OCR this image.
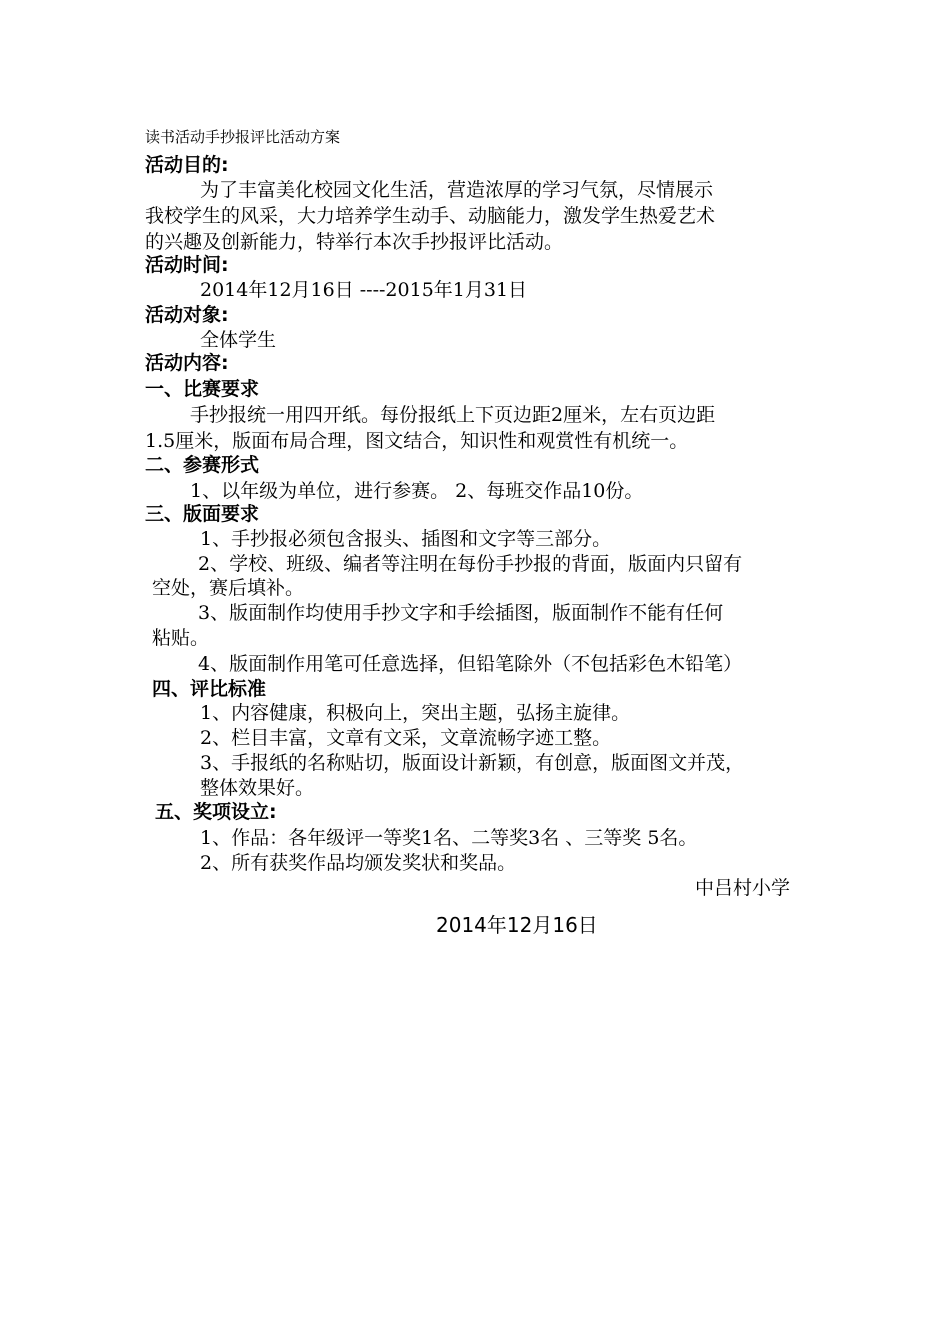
读书活动手抄报评比活动方案
活动目的:
为了丰富美化校园文化生活，营造浓厚的学习气氛，尽情展示
我校学生的风采，大力培养学生动手、动脑能力，激发学生热爱艺术
的兴趣及创新能力，特举行本次手抄报评比活动。
活动时间:
2014年12月16日 ----2015年1月31日
活动对象:
全体学生
活动内容:
一、比赛要求
手抄报统一用四开纸。每份报纸上下页边距2厘米，左右页边距
1.5厘米，版面布局合理，图文结合，知识性和观赏性有机统一。
二、参赛形式
1、以年级为单位，进行参赛。 2、每班交作品10份。
三、版面要求
1、手抄报必须包含报头、插图和文字等三部分。
2、学校、班级、编者等注明在每份手抄报的背面，版面内只留有
空处，赛后填补。
3、版面制作均使用手抄文字和手绘插图，版面制作不能有任何
粘贴。
4、版面制作用笔可任意选择，但铅笔除外（不包括彩色木铅笔）
四、评比标准
1、内容健康，积极向上，突出主题，弘扬主旋律。
2、栏目丰富，文章有文采，文章流畅字迹工整。
3、手报纸的名称贴切，版面设计新颖，有创意，版面图文并茂，
整体效果好。
五、奖项设立:
1、作品：各年级评一等奖1名、二等奖3名 、三等奖 5名。
2、所有获奖作品均颁发奖状和奖品。
中吕村小学
2014年12月16日
